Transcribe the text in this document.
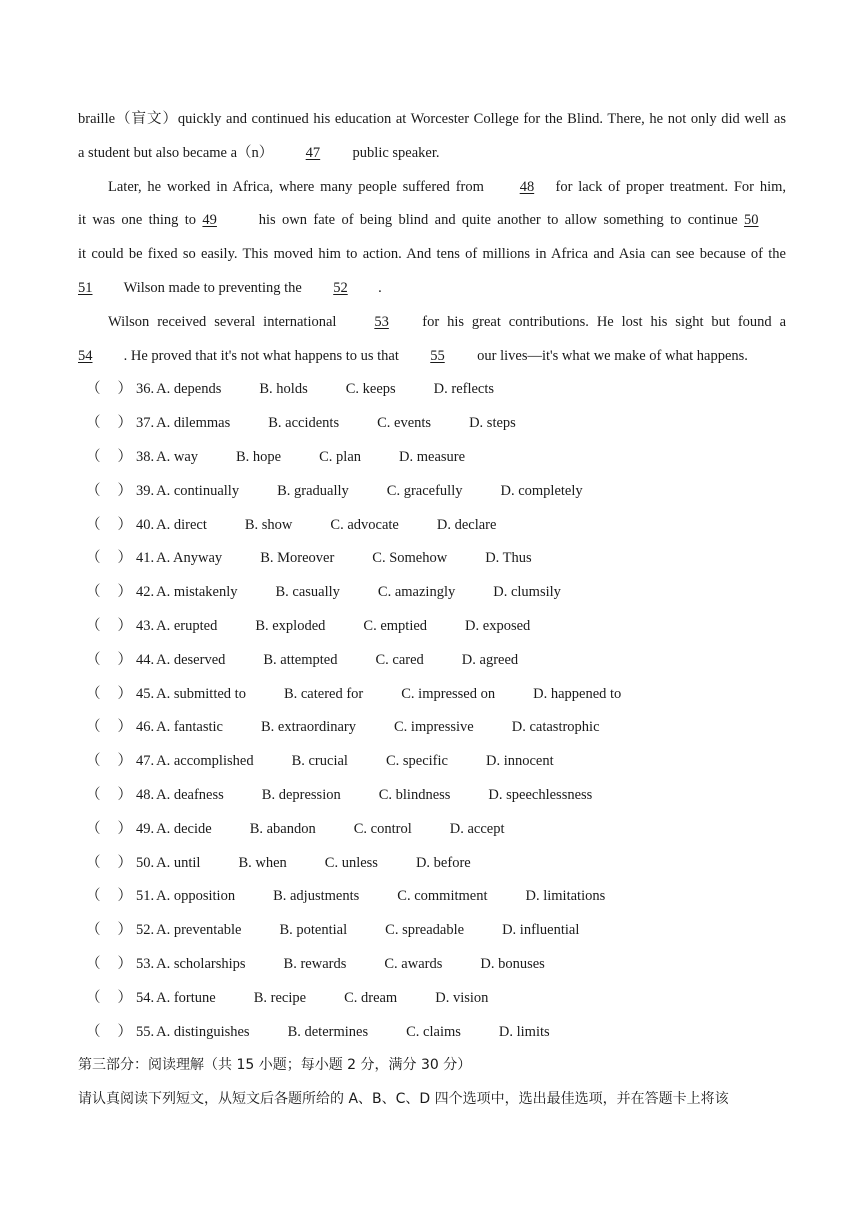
braille（盲文）quickly and continued his education at Worcester College for the Blind. There, he not only did well as
a student but also became a（n） 47 public speaker.
Later, he worked in Africa, where many people suffered from 48 for lack of proper treatment. For him,
it was one thing to 49	his own fate of being blind and quite another to allow something to continue 50
it could be fixed so easily. This moved him to action. And tens of millions in Africa and Asia can see because of the
51 Wilson made to preventing the 52 .
Wilson received several international	53 for his great contributions. He lost his sight but found a
54 . He proved that it's not what happens to us that 55 our lives—it's what we make of what happens.
（ ） 36. A. depends	B. holds	C. keeps	D. reflects
（ ） 37. A. dilemmas	B. accidents	C. events	D. steps
（ ） 38. A. way	B. hope	C. plan	D. measure
（ ） 39. A. continually	B. gradually	C. gracefully	D. completely
（ ） 40. A. direct	B. show	C. advocate	D. declare
（ ） 41. A. Anyway	B. Moreover	C. Somehow	D. Thus
（ ） 42. A. mistakenly	B. casually	C. amazingly	D. clumsily
（ ） 43. A. erupted	B. exploded	C. emptied	D. exposed
（ ） 44. A. deserved	B. attempted	C. cared	D. agreed
（ ） 45. A. submitted to	B. catered for	C. impressed on	D. happened to
（ ） 46. A. fantastic	B. extraordinary	C. impressive	D. catastrophic
（ ） 47. A. accomplished	B. crucial	C. specific	D. innocent
（ ） 48. A. deafness	B. depression	C. blindness	D. speechlessness
（ ） 49. A. decide	B. abandon	C. control	D. accept
（ ） 50. A. until	B. when	C. unless	D. before
（ ） 51. A. opposition	B. adjustments	C. commitment	D. limitations
（ ） 52. A. preventable	B. potential	C. spreadable	D. influential
（ ） 53. A. scholarships	B. rewards	C. awards	D. bonuses
（ ） 54. A. fortune	B. recipe	C. dream	D. vision
（ ） 55. A. distinguishes	B. determines	C. claims	D. limits
第三部分：阅读理解（共 15 小题；每小题 2 分，满分 30 分）
请认真阅读下列短文，从短文后各题所给的 A、B、C、D 四个选项中，选出最佳选项，并在答题卡上将该
